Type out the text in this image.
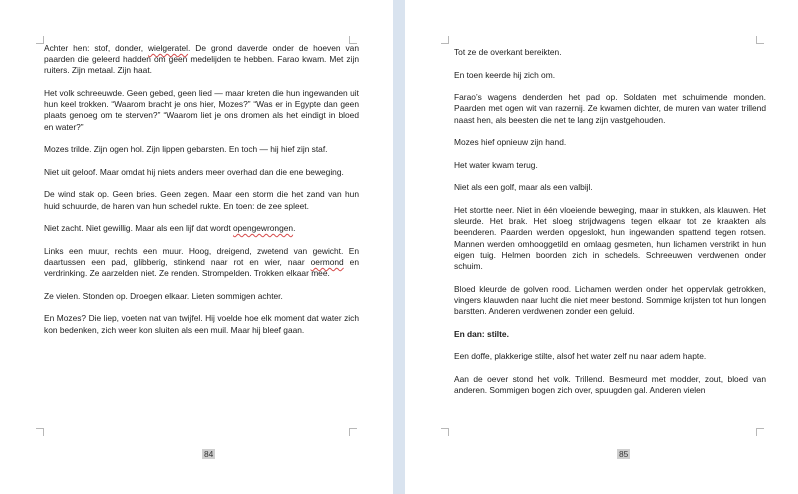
Achter hen: stof, donder, wielgeratel. De grond daverde onder de hoeven van paarden die geleerd hadden om geen medelijden te hebben. Farao kwam. Met zijn ruiters. Zijn metaal. Zijn haat.

Het volk schreeuwde. Geen gebed, geen lied — maar kreten die hun ingewanden uit hun keel trokken. “Waarom bracht je ons hier, Mozes?” “Was er in Egypte dan geen plaats genoeg om te sterven?” “Waarom liet je ons dromen als het eindigt in bloed en water?”

Mozes trilde. Zijn ogen hol. Zijn lippen gebarsten. En toch — hij hief zijn staf.

Niet uit geloof. Maar omdat hij niets anders meer overhad dan die ene beweging.

De wind stak op. Geen bries. Geen zegen. Maar een storm die het zand van hun huid schuurde, de haren van hun schedel rukte. En toen: de zee spleet.

Niet zacht. Niet gewillig. Maar als een lijf dat wordt opengewrongen.

Links een muur, rechts een muur. Hoog, dreigend, zwetend van gewicht. En daartussen een pad, glibberig, stinkend naar rot en wier, naar oermond en verdrinking. Ze aarzelden niet. Ze renden. Strompelden. Trokken elkaar mee.

Ze vielen. Stonden op. Droegen elkaar. Lieten sommigen achter.

En Mozes? Die liep, voeten nat van twijfel. Hij voelde hoe elk moment dat water zich kon bedenken, zich weer kon sluiten als een muil. Maar hij bleef gaan.

84

Tot ze de overkant bereikten.

En toen keerde hij zich om.

Farao’s wagens denderden het pad op. Soldaten met schuimende monden. Paarden met ogen wit van razernij. Ze kwamen dichter, de muren van water trillend naast hen, als beesten die net te lang zijn vastgehouden.

Mozes hief opnieuw zijn hand.

Het water kwam terug.

Niet als een golf, maar als een valbijl.

Het stortte neer. Niet in één vloeiende beweging, maar in stukken, als klauwen. Het sleurde. Het brak. Het sloeg strijdwagens tegen elkaar tot ze kraakten als beenderen. Paarden werden opgeslokt, hun ingewanden spattend tegen rotsen. Mannen werden omhooggetild en omlaag gesmeten, hun lichamen verstrikt in hun eigen tuig. Helmen boorden zich in schedels. Schreeuwen verdwenen onder schuim.

Bloed kleurde de golven rood. Lichamen werden onder het oppervlak getrokken, vingers klauwden naar lucht die niet meer bestond. Sommige krijsten tot hun longen barstten. Anderen verdwenen zonder een geluid.

En dan: stilte.

Een doffe, plakkerige stilte, alsof het water zelf nu naar adem hapte.

Aan de oever stond het volk. Trillend. Besmeurd met modder, zout, bloed van anderen. Sommigen bogen zich over, spuugden gal. Anderen vielen

85
